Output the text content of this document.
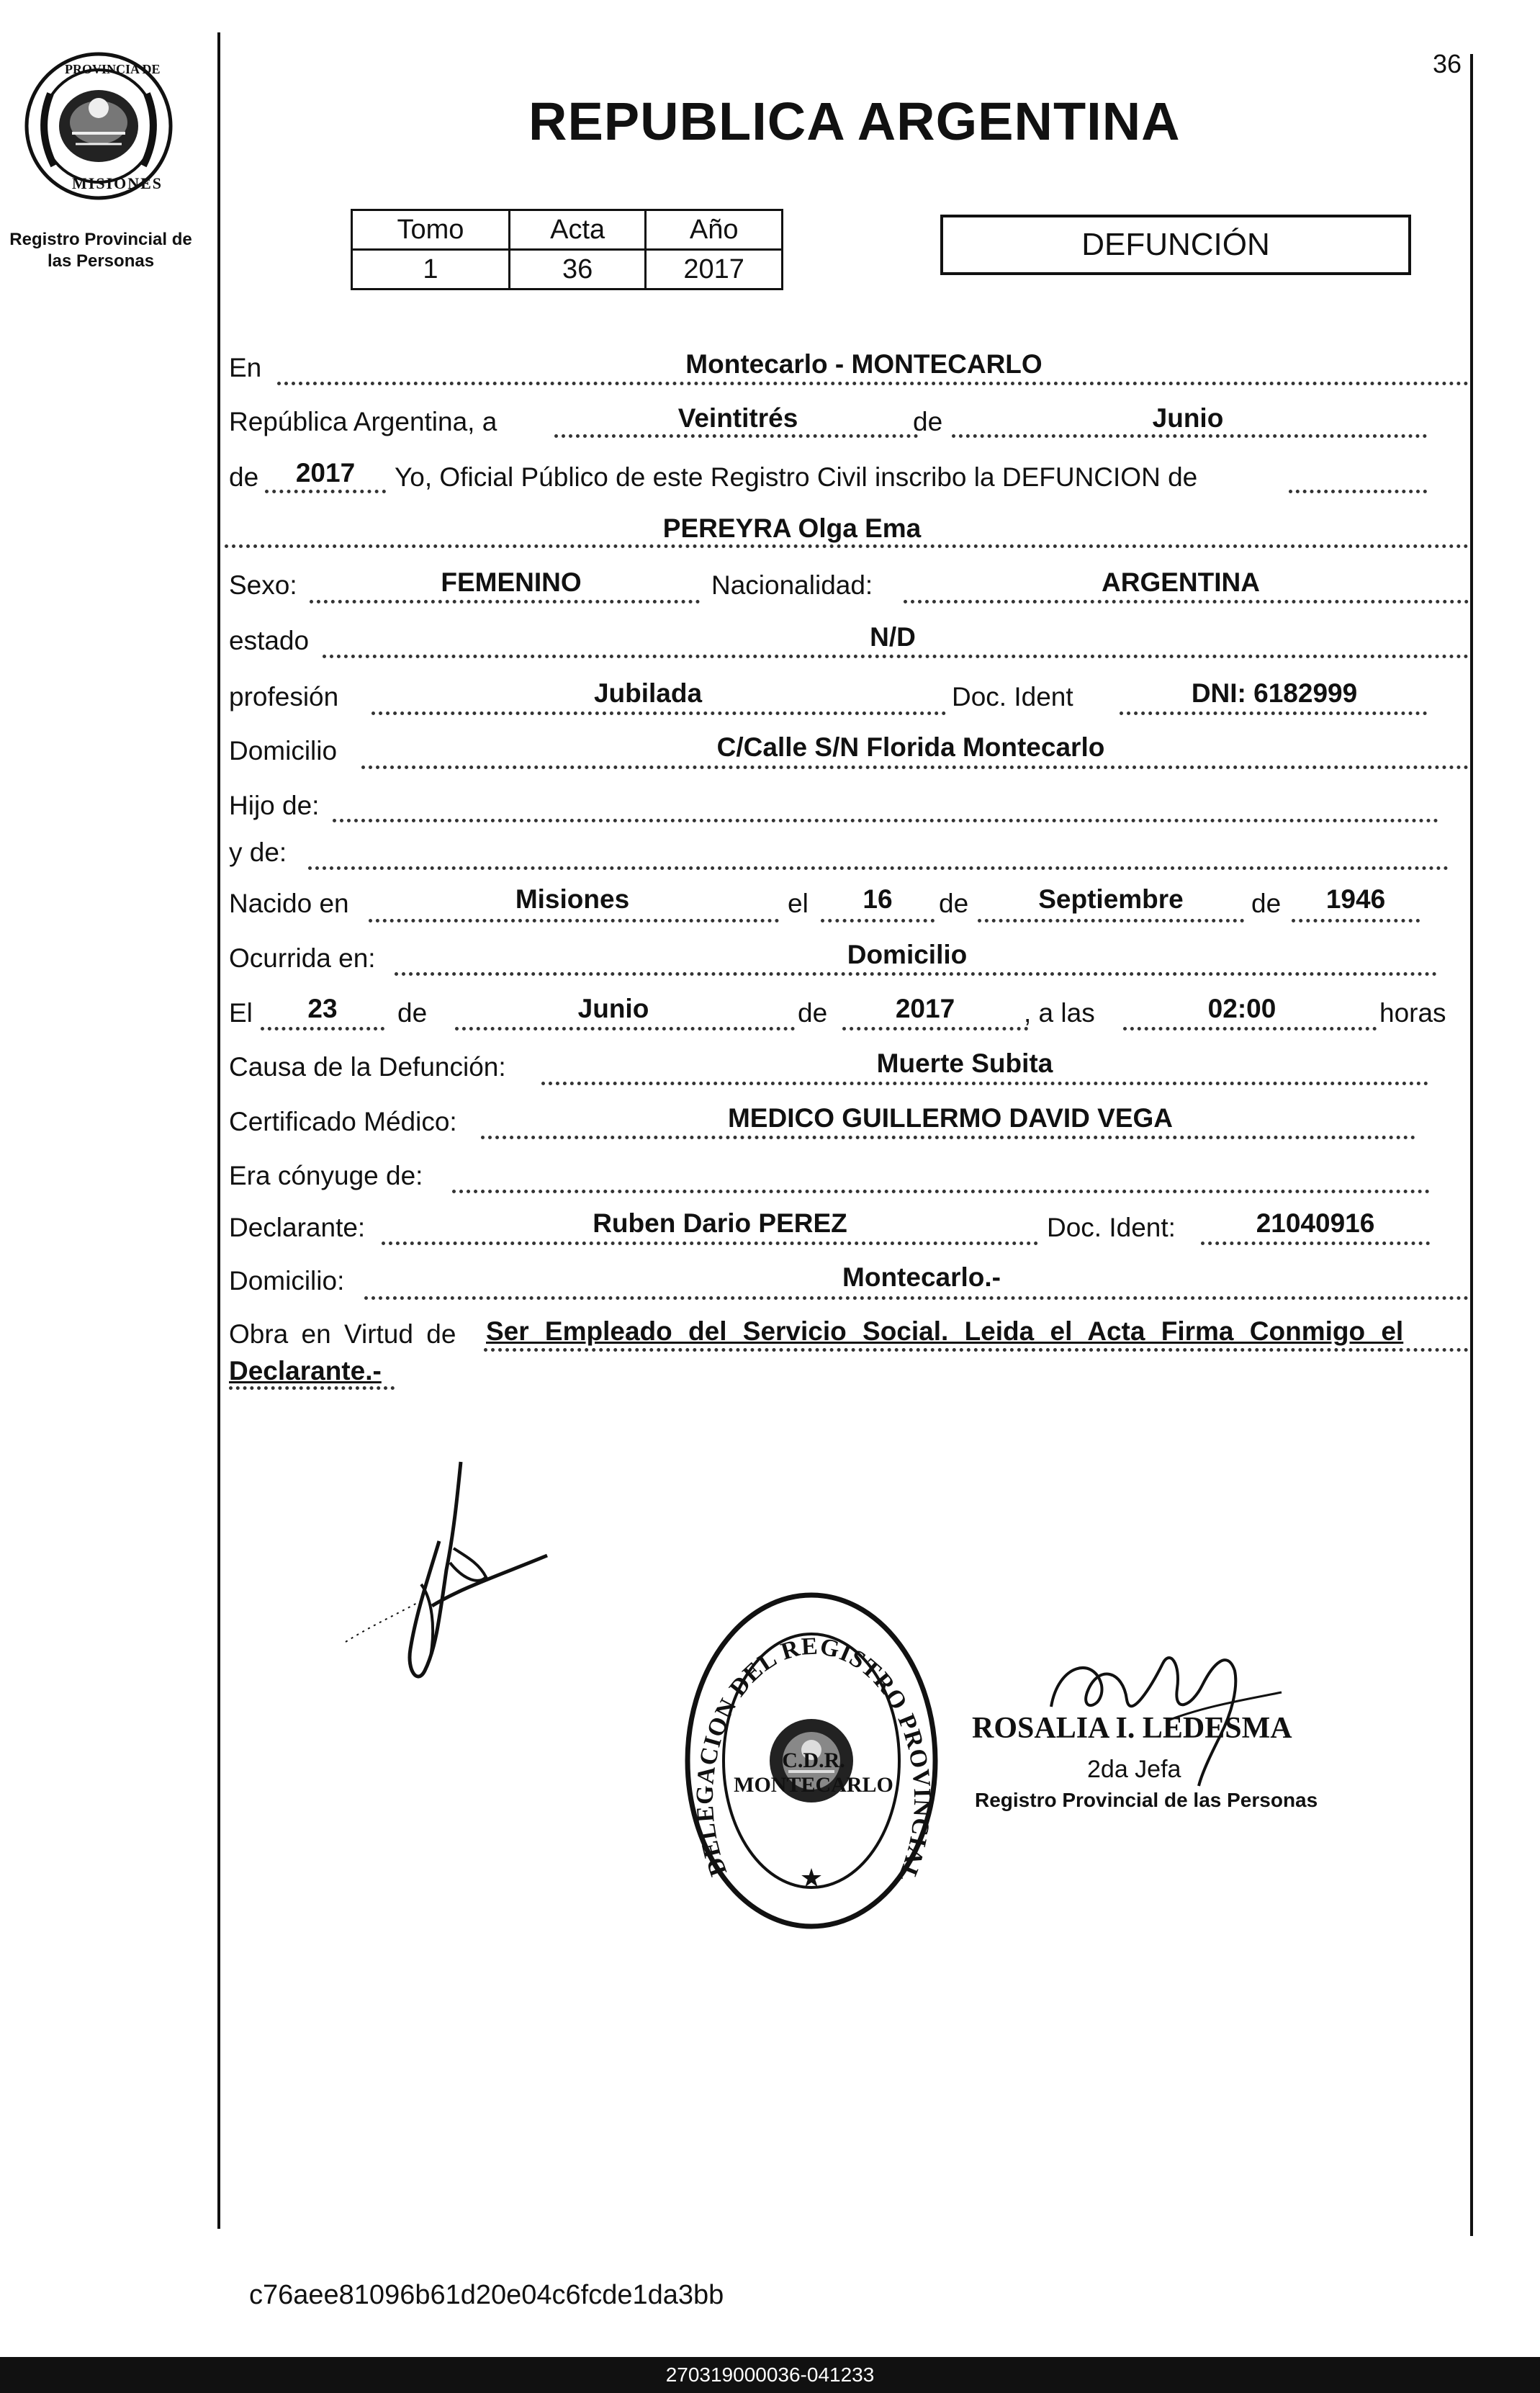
PROVINCIA DE
MISIONES
Registro Provincial de las Personas
36
REPUBLICA ARGENTINA
Tomo	Acta	Año
1	36	2017
DEFUNCIÓN
En	Montecarlo - MONTECARLO
República Argentina, a	Veintitrés	de	Junio
de	2017	Yo, Oficial Público de este Registro Civil inscribo la DEFUNCION de
PEREYRA Olga Ema
Sexo:	FEMENINO	Nacionalidad:	ARGENTINA
estado	N/D
profesión	Jubilada	Doc. Ident	DNI: 6182999
Domicilio	C/Calle S/N Florida Montecarlo
Hijo de:
y de:
Nacido en	Misiones	el	16	de	Septiembre	de	1946
Ocurrida en:	Domicilio
El	23	de	Junio	de	2017	, a las	02:00	horas
Causa de la Defunción:	Muerte Subita
Certificado Médico:	MEDICO GUILLERMO DAVID VEGA
Era cónyuge de:
Declarante:	Ruben Dario PEREZ	Doc. Ident:	21040916
Domicilio:	Montecarlo.-
Obra en Virtud de Ser Empleado del Servicio Social. Leida el Acta Firma Conmigo el
Declarante.-
DELEGACION DEL REGISTRO PROVINCIAL
★
C.D.R. MONTECARLO
ROSALIA I. LEDESMA
2da Jefa
Registro Provincial de las Personas
c76aee81096b61d20e04c6fcde1da3bb
270319000036-041233
